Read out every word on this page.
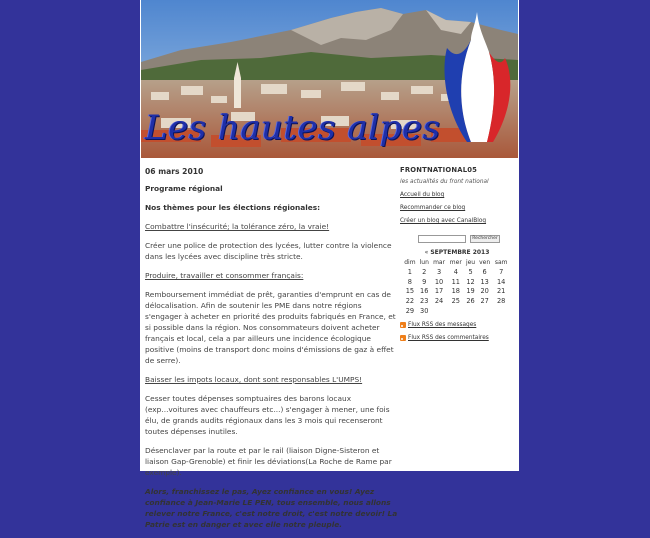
Les hautes alpes

06 mars 2010

Programe régional

Nos thèmes pour les élections régionales:

Combattre l'insécurité; la tolérance zéro, la vraie!

Créer une police de protection des lycées, lutter contre la violence dans les lycées avec discipline très stricte.

Produire, travailler et consommer français:

Remboursement immédiat de prêt, garanties d'emprunt en cas de délocalisation. Afin de soutenir les PME dans notre régions s'engager à acheter en priorité des produits fabriqués en France, et si possible dans la région. Nos consommateurs doivent acheter français et local, cela a par ailleurs une incidence écologique positive (moins de transport donc moins d'émissions de gaz à effet de serre).

Baisser les impots locaux, dont sont responsables L'UMPS!

Cesser toutes dépenses somptuaires des barons locaux (exp...voitures avec chauffeurs etc...) s'engager à mener, une fois élu, de grands audits régionaux dans les 3 mois qui recenseront toutes dépenses inutiles.

Désenclaver par la route et par le rail (liaison Digne-Sisteron et liaison Gap-Grenoble) et finir les déviations(La Roche de Rame par exemple).

Alors, franchissez le pas, Ayez confiance en vous! Ayez confiance à Jean-Marie LE PEN, tous ensemble, nous allons relever notre France, c'est notre droit, c'est notre devoir! La Patrie est en danger et avec elle notre pleuple.

FRONTNATIONAL05
les actualités du front national
Accueil du blog
Recommander ce blog
Créer un blog avec CanalBlog
Rechercher
« SEPTEMBRE 2013
dim	lun	mar	mer	jeu	ven	sam
1	2	3	4	5	6	7
8	9	10	11	12	13	14
15	16	17	18	19	20	21
22	23	24	25	26	27	28
29	30					
Flux RSS des messages
Flux RSS des commentaires
